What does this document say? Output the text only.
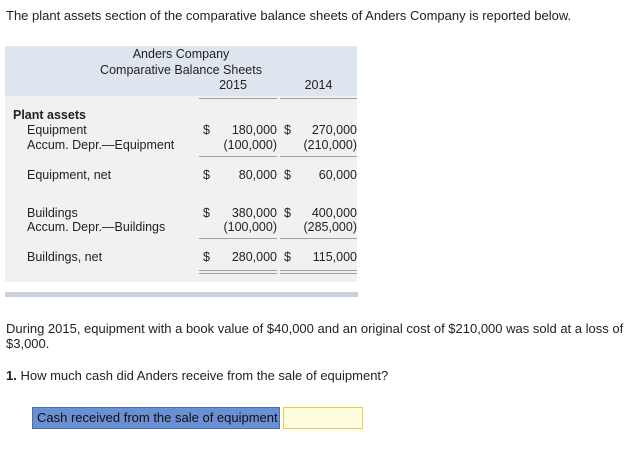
The plant assets section of the comparative balance sheets of Anders Company is reported below.
Anders Company
Comparative Balance Sheets
2015	2014
Plant assets
Equipment	$ 180,000 $ 270,000
Accum. Depr.—Equipment	(100,000) (210,000)
Equipment, net	$ 80,000 $ 60,000
Buildings	$ 380,000 $ 400,000
Accum. Depr.—Buildings	(100,000) (285,000)
Buildings, net	$ 280,000 $ 115,000
During 2015, equipment with a book value of $40,000 and an original cost of $210,000 was sold at a loss of $3,000.
1. How much cash did Anders receive from the sale of equipment?
Cash received from the sale of equipment
